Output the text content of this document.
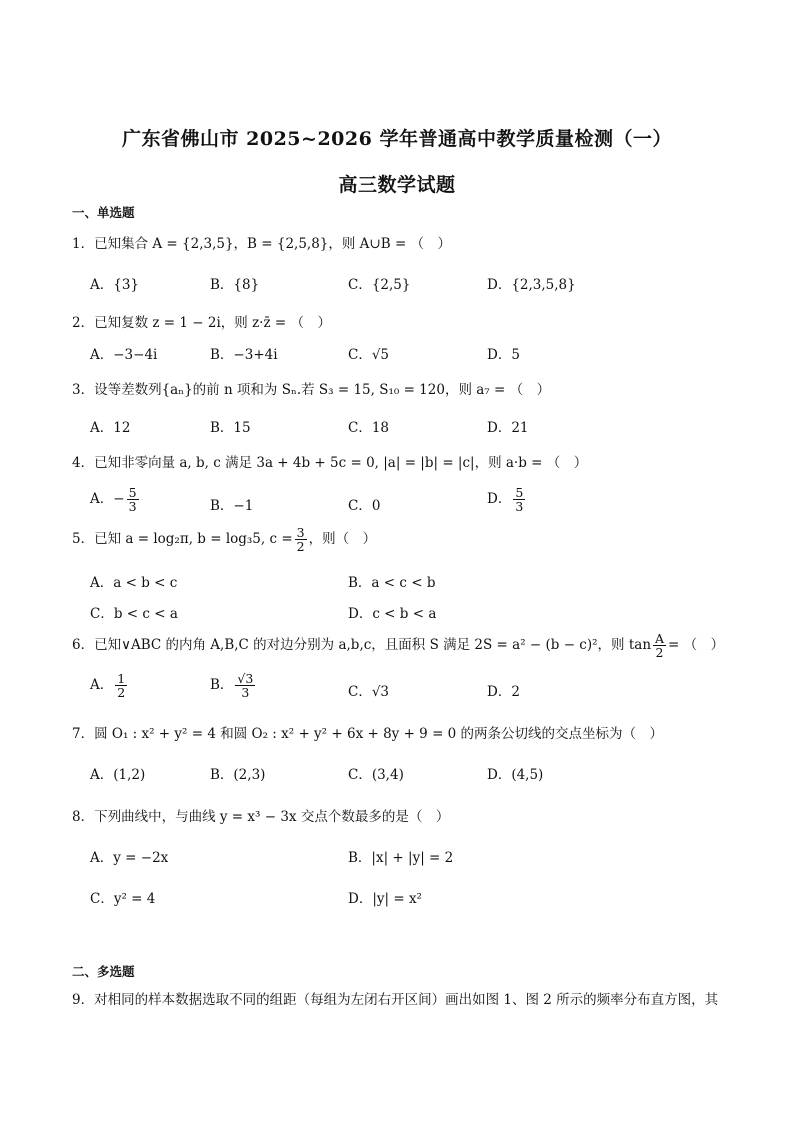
广东省佛山市 2025~2026 学年普通高中教学质量检测（一）
高三数学试题
一、单选题
1．已知集合 A = {2,3,5}，B = {2,5,8}，则 A∪B = （　）
A．{3}	B．{8}	C．{2,5}	D．{2,3,5,8}
2．已知复数 z = 1 − 2i，则 z·z̄ = （　）
A．−3−4i	B．−3+4i	C．√5	D．5
3．设等差数列{aₙ}的前 n 项和为 Sₙ.若 S₃ = 15, S₁₀ = 120，则 a₇ = （　）
A．12	B．15	C．18	D．21
4．已知非零向量 a, b, c 满足 3a + 4b + 5c = 0, |a| = |b| = |c|，则 a·b = （　）
A．− $\frac{5}{3}$	B．−1	C．0	D． $\frac{5}{3}$
5．已知 a = log₂π, b = log₃5, $c = \frac{3}{2}$ ，则（　）
A．a < b < c	B．a < c < b
C．b < c < a	D．c < b < a
6．已知∨ABC 的内角 A,B,C 的对边分别为 a,b,c，且面积 S 满足 2S = a² − (b − c)²，则 $\tan \frac{A}{2}$ = （　）
A． $\frac{1}{2}$	B． $\frac{√3}{3}$	C．√3	D．2
7．圆 O₁ : x² + y² = 4 和圆 O₂ : x² + y² + 6x + 8y + 9 = 0 的两条公切线的交点坐标为（　）
A．(1,2)	B．(2,3)	C．(3,4)	D．(4,5)
8．下列曲线中，与曲线 y = x³ − 3x 交点个数最多的是（　）
A．y = −2x	B．|x| + |y| = 2
C．y² = 4	D．|y| = x²
二、多选题
9．对相同的样本数据选取不同的组距（每组为左闭右开区间）画出如图 1、图 2 所示的频率分布直方图，其
